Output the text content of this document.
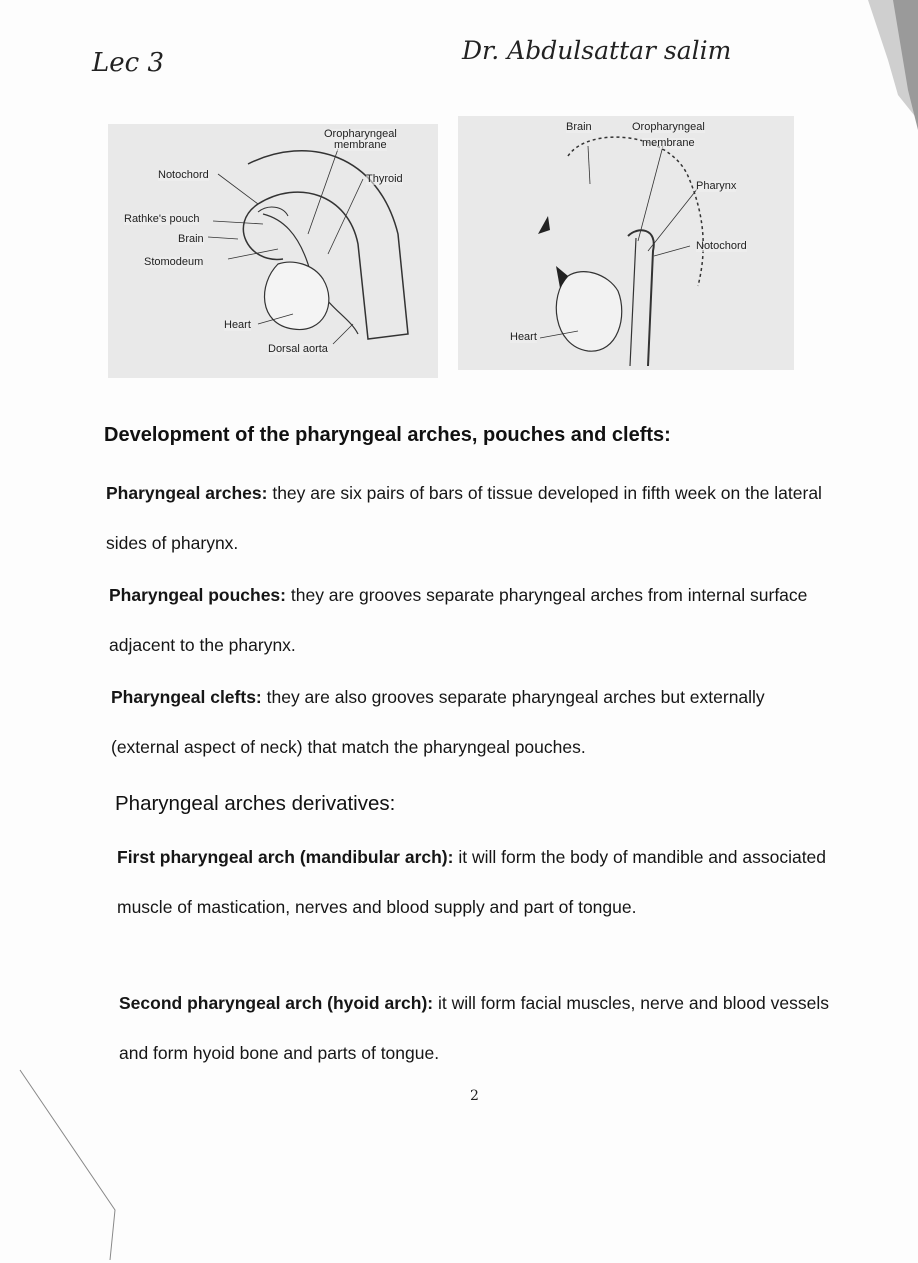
Lec 3	Dr. Abdulsattar salim
Oropharyngeal
membrane
Thyroid
Notochord
Rathke's pouch
Brain
Stomodeum
Heart
Dorsal aorta
Brain	Oropharyngeal
membrane
Pharynx
Notochord
Heart
Development of the pharyngeal arches, pouches and clefts:
Pharyngeal arches: they are six pairs of bars of tissue developed in fifth week on the lateral sides of pharynx.
Pharyngeal pouches: they are grooves separate pharyngeal arches from internal surface adjacent to the pharynx.
Pharyngeal clefts: they are also grooves separate pharyngeal arches but externally (external aspect of neck) that match the pharyngeal pouches.
Pharyngeal arches derivatives:
First pharyngeal arch (mandibular arch): it will form the body of mandible and associated muscle of mastication, nerves and blood supply and part of tongue.
Second pharyngeal arch (hyoid arch): it will form facial muscles, nerve and blood vessels and form hyoid bone and parts of tongue.
2
